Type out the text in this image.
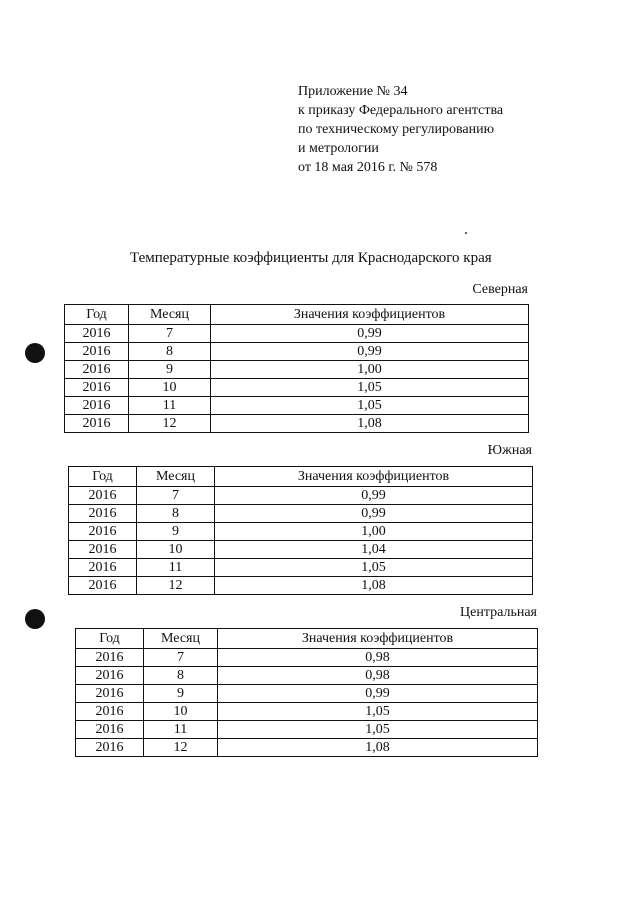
Приложение № 34
к приказу Федерального агентства
по техническому регулированию
и метрологии
от 18 мая 2016 г. № 578
Температурные коэффициенты для Краснодарского края
Северная
Год	Месяц	Значения коэффициентов
2016	7	0,99
2016	8	0,99
2016	9	1,00
2016	10	1,05
2016	11	1,05
2016	12	1,08
Южная
Год	Месяц	Значения коэффициентов
2016	7	0,99
2016	8	0,99
2016	9	1,00
2016	10	1,04
2016	11	1,05
2016	12	1,08
Центральная
Год	Месяц	Значения коэффициентов
2016	7	0,98
2016	8	0,98
2016	9	0,99
2016	10	1,05
2016	11	1,05
2016	12	1,08
